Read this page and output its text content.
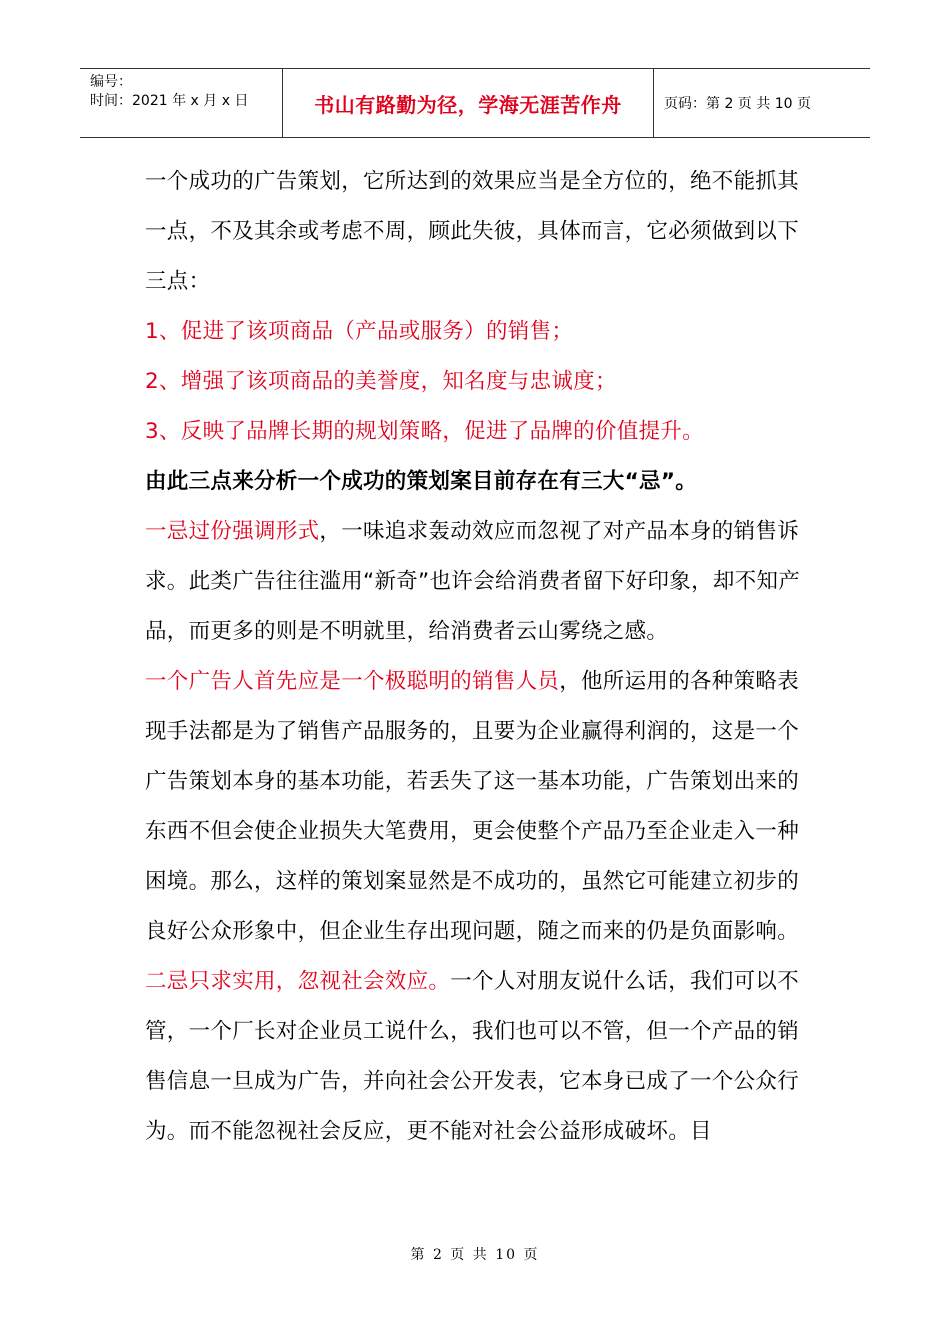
编号：
时间：2021 年 x 月 x 日	书山有路勤为径，学海无涯苦作舟	页码：第 2 页 共 10 页

一个成功的广告策划，它所达到的效果应当是全方位的，绝不能抓其一点，不及其余或考虑不周，顾此失彼，具体而言，它必须做到以下三点：

1、促进了该项商品（产品或服务）的销售；

2、增强了该项商品的美誉度，知名度与忠诚度；

3、反映了品牌长期的规划策略，促进了品牌的价值提升。

由此三点来分析一个成功的策划案目前存在有三大“忌”。

一忌过份强调形式，一味追求轰动效应而忽视了对产品本身的销售诉求。此类广告往往滥用“新奇”也许会给消费者留下好印象，却不知产品，而更多的则是不明就里，给消费者云山雾绕之感。

一个广告人首先应是一个极聪明的销售人员，他所运用的各种策略表现手法都是为了销售产品服务的，且要为企业赢得利润的，这是一个广告策划本身的基本功能，若丢失了这一基本功能，广告策划出来的东西不但会使企业损失大笔费用，更会使整个产品乃至企业走入一种困境。那么，这样的策划案显然是不成功的，虽然它可能建立初步的良好公众形象中，但企业生存出现问题，随之而来的仍是负面影响。

二忌只求实用，忽视社会效应。一个人对朋友说什么话，我们可以不管，一个厂长对企业员工说什么，我们也可以不管，但一个产品的销售信息一旦成为广告，并向社会公开发表，它本身已成了一个公众行为。而不能忽视社会反应，更不能对社会公益形成破坏。目

第 2 页 共 10 页
